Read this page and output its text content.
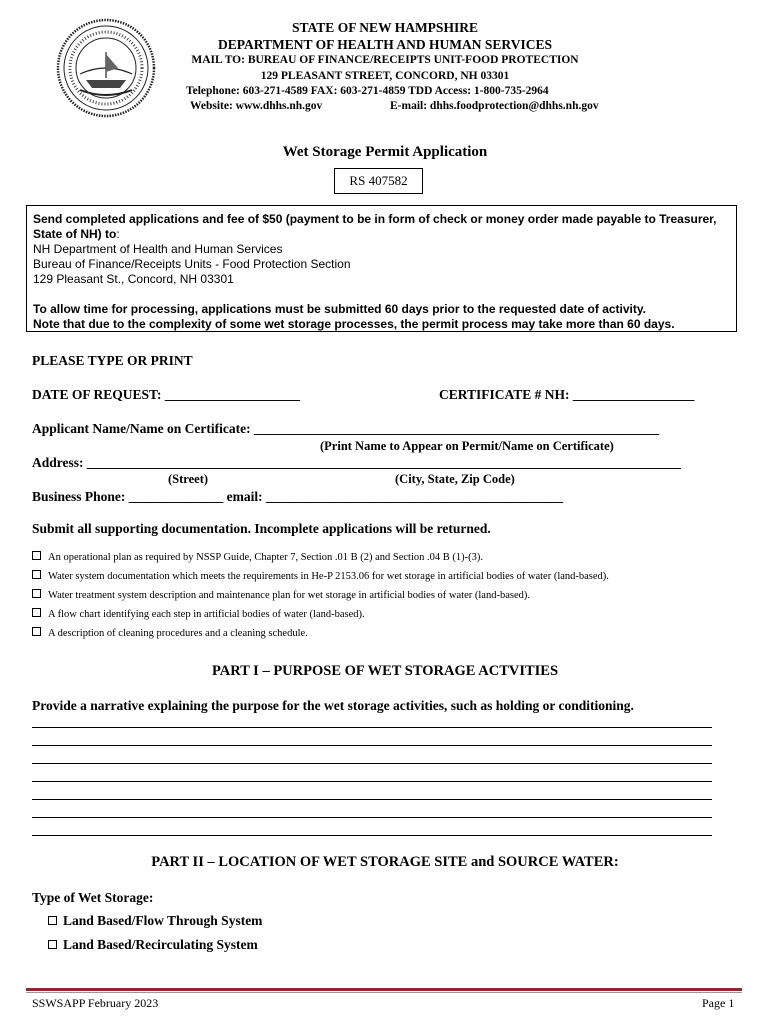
STATE OF NEW HAMPSHIRE
DEPARTMENT OF HEALTH AND HUMAN SERVICES
MAIL TO: BUREAU OF FINANCE/RECEIPTS UNIT-FOOD PROTECTION
129 PLEASANT STREET, CONCORD, NH 03301
Telephone: 603-271-4589 FAX: 603-271-4859 TDD Access: 1-800-735-2964
Website: www.dhhs.nh.gov	E-mail: dhhs.foodprotection@dhhs.nh.gov
Wet Storage Permit Application
RS 407582
Send completed applications and fee of $50 (payment to be in form of check or money order made payable to Treasurer, State of NH) to:
NH Department of Health and Human Services
Bureau of Finance/Receipts Units - Food Protection Section
129 Pleasant St., Concord, NH 03301
To allow time for processing, applications must be submitted 60 days prior to the requested date of activity.
Note that due to the complexity of some wet storage processes, the permit process may take more than 60 days.
PLEASE TYPE OR PRINT
DATE OF REQUEST: ____________________	CERTIFICATE # NH: __________________
Applicant Name/Name on Certificate: ____________________________________________________________
(Print Name to Appear on Permit/Name on Certificate)
Address: ________________________________________________________________________________________
(Street)	(City, State, Zip Code)
Business Phone: ______________ email: ____________________________________________
Submit all supporting documentation. Incomplete applications will be returned.
An operational plan as required by NSSP Guide, Chapter 7, Section .01 B (2) and Section .04 B (1)-(3).
Water system documentation which meets the requirements in He-P 2153.06 for wet storage in artificial bodies of water (land-based).
Water treatment system description and maintenance plan for wet storage in artificial bodies of water (land-based).
A flow chart identifying each step in artificial bodies of water (land-based).
A description of cleaning procedures and a cleaning schedule.
PART I – PURPOSE OF WET STORAGE ACTVITIES
Provide a narrative explaining the purpose for the wet storage activities, such as holding or conditioning.
PART II – LOCATION OF WET STORAGE SITE and SOURCE WATER:
Type of Wet Storage:
Land Based/Flow Through System
Land Based/Recirculating System
SSWSAPP February 2023	Page 1
